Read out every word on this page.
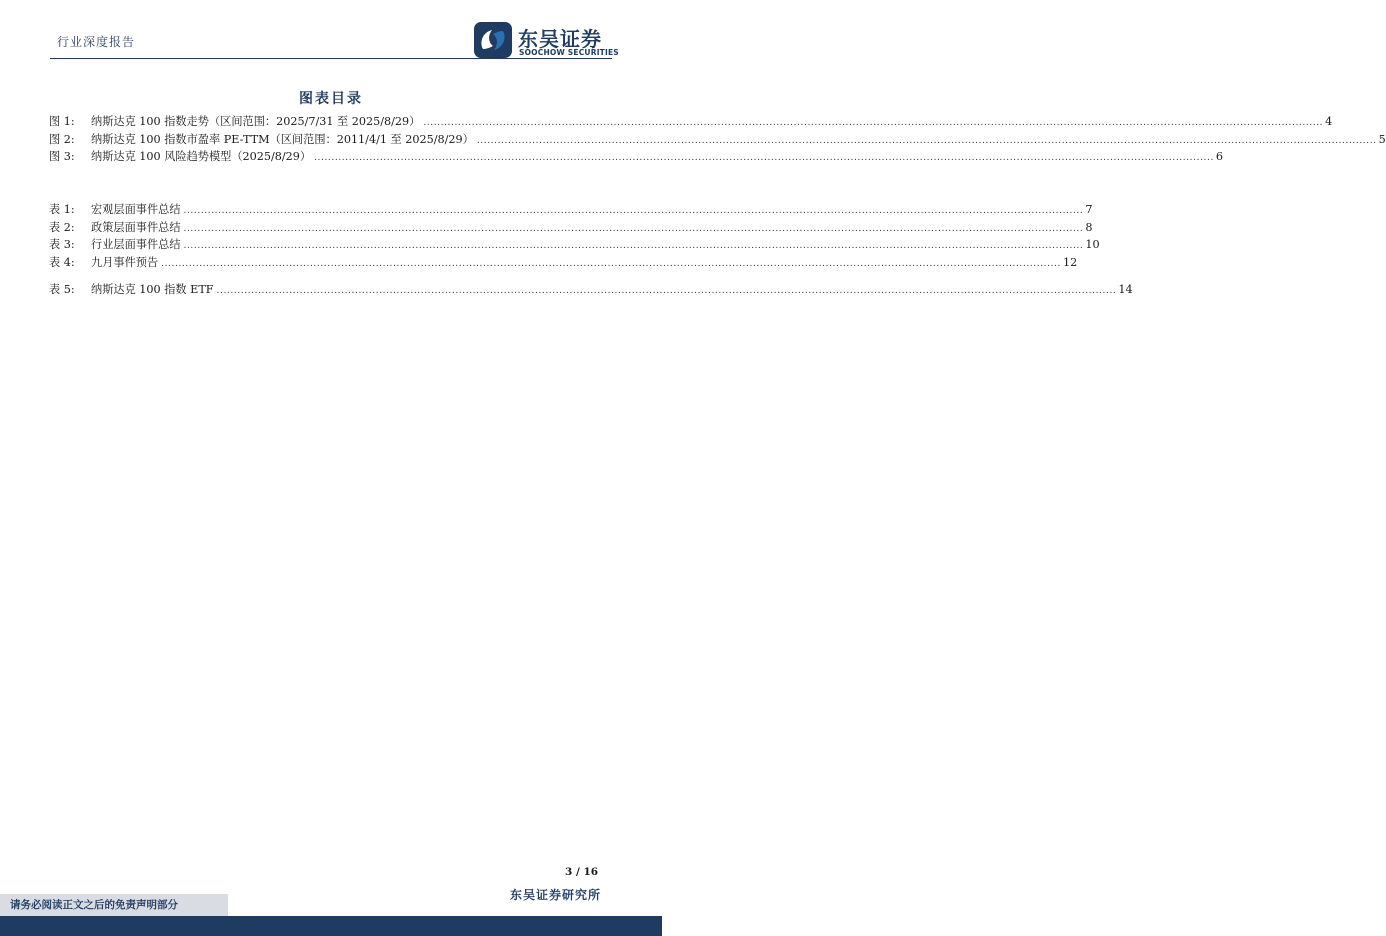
行业深度报告	东吴证券
SOOCHOW SECURITIES
图表目录
图 1:	纳斯达克 100 指数走势（区间范围：2025/7/31 至 2025/8/29） .................................................................................................................................................................................................................................................................... 4
图 2:	纳斯达克 100 指数市盈率 PE-TTM（区间范围：2011/4/1 至 2025/8/29） .................................................................................................................................................................................................................................................................... 5
图 3:	纳斯达克 100 风险趋势模型（2025/8/29） .................................................................................................................................................................................................................................................................... 6
表 1:	宏观层面事件总结 .................................................................................................................................................................................................................................................................... 7
表 2:	政策层面事件总结 .................................................................................................................................................................................................................................................................... 8
表 3:	行业层面事件总结 .................................................................................................................................................................................................................................................................... 10
表 4:	九月事件预告 .................................................................................................................................................................................................................................................................... 12
表 5:	纳斯达克 100 指数 ETF .................................................................................................................................................................................................................................................................... 14
3 / 16
东吴证券研究所
请务必阅读正文之后的免责声明部分
